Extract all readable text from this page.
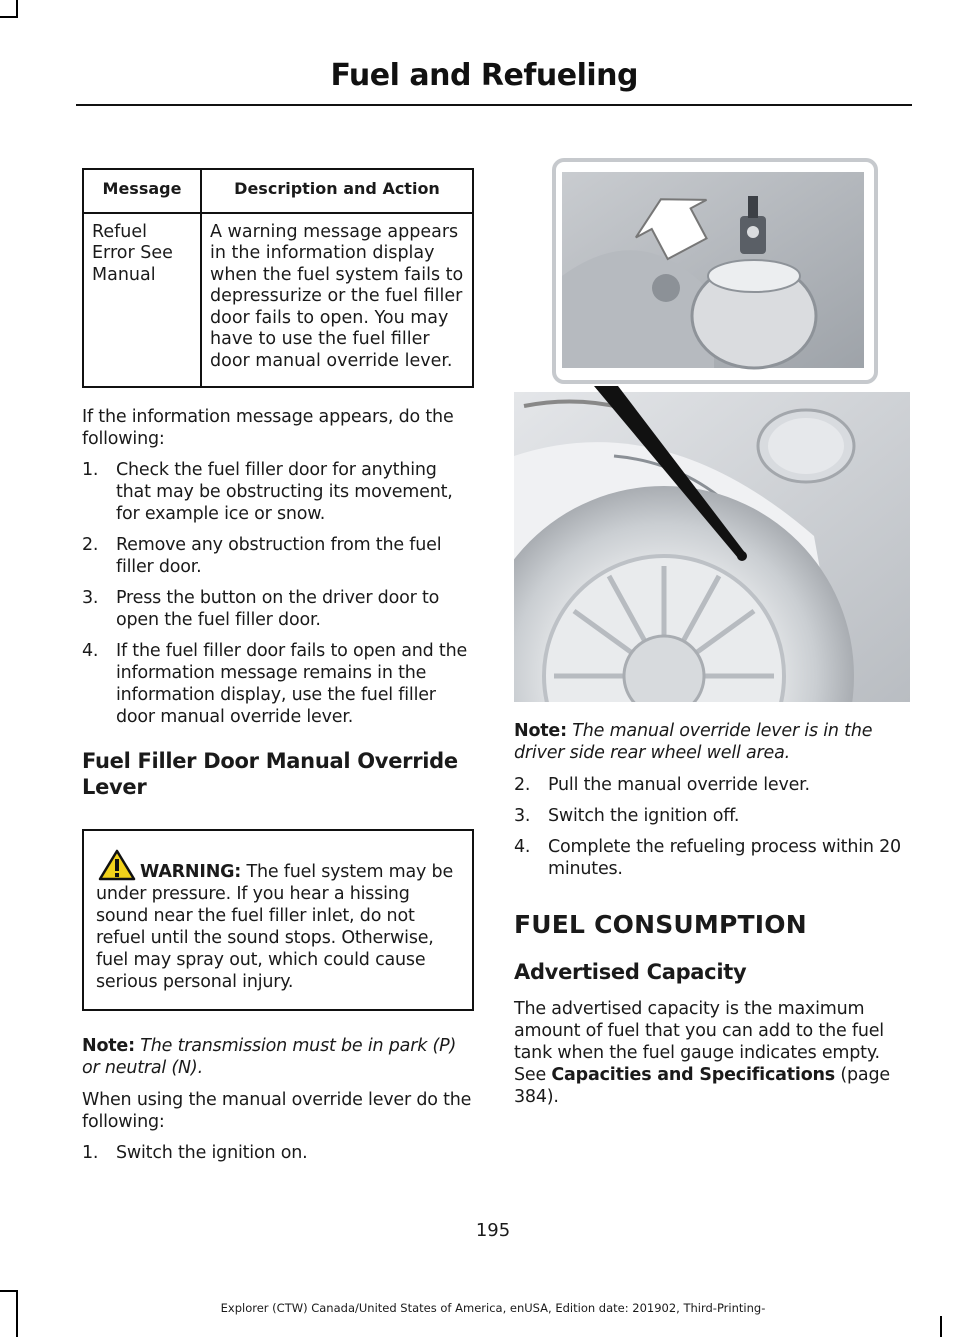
Fuel and Refueling
Message	Description and Action
Refuel Error See Manual	A warning message appears in the information display when the fuel system fails to depressurize or the fuel filler door fails to open. You may have to use the fuel filler door manual override lever.

If the information message appears, do the following:

1. Check the fuel filler door for anything that may be obstructing its movement, for example ice or snow.
2. Remove any obstruction from the fuel filler door.
3. Press the button on the driver door to open the fuel filler door.
4. If the fuel filler door fails to open and the information message remains in the information display, use the fuel filler door manual override lever.
Fuel Filler Door Manual Override Lever

WARNING: The fuel system may be under pressure. If you hear a hissing sound near the fuel filler inlet, do not refuel until the sound stops. Otherwise, fuel may spray out, which could cause serious personal injury.

Note: The transmission must be in park (P) or neutral (N).

When using the manual override lever do the following:

1. Switch the ignition on.

Note: The manual override lever is in the driver side rear wheel well area.

2. Pull the manual override lever.
3. Switch the ignition off.
4. Complete the refueling process within 20 minutes.
FUEL CONSUMPTION
Advertised Capacity

The advertised capacity is the maximum amount of fuel that you can add to the fuel tank when the fuel gauge indicates empty. See Capacities and Specifications (page 384).

195
Explorer (CTW) Canada/United States of America, enUSA, Edition date: 201902, Third-Printing-
